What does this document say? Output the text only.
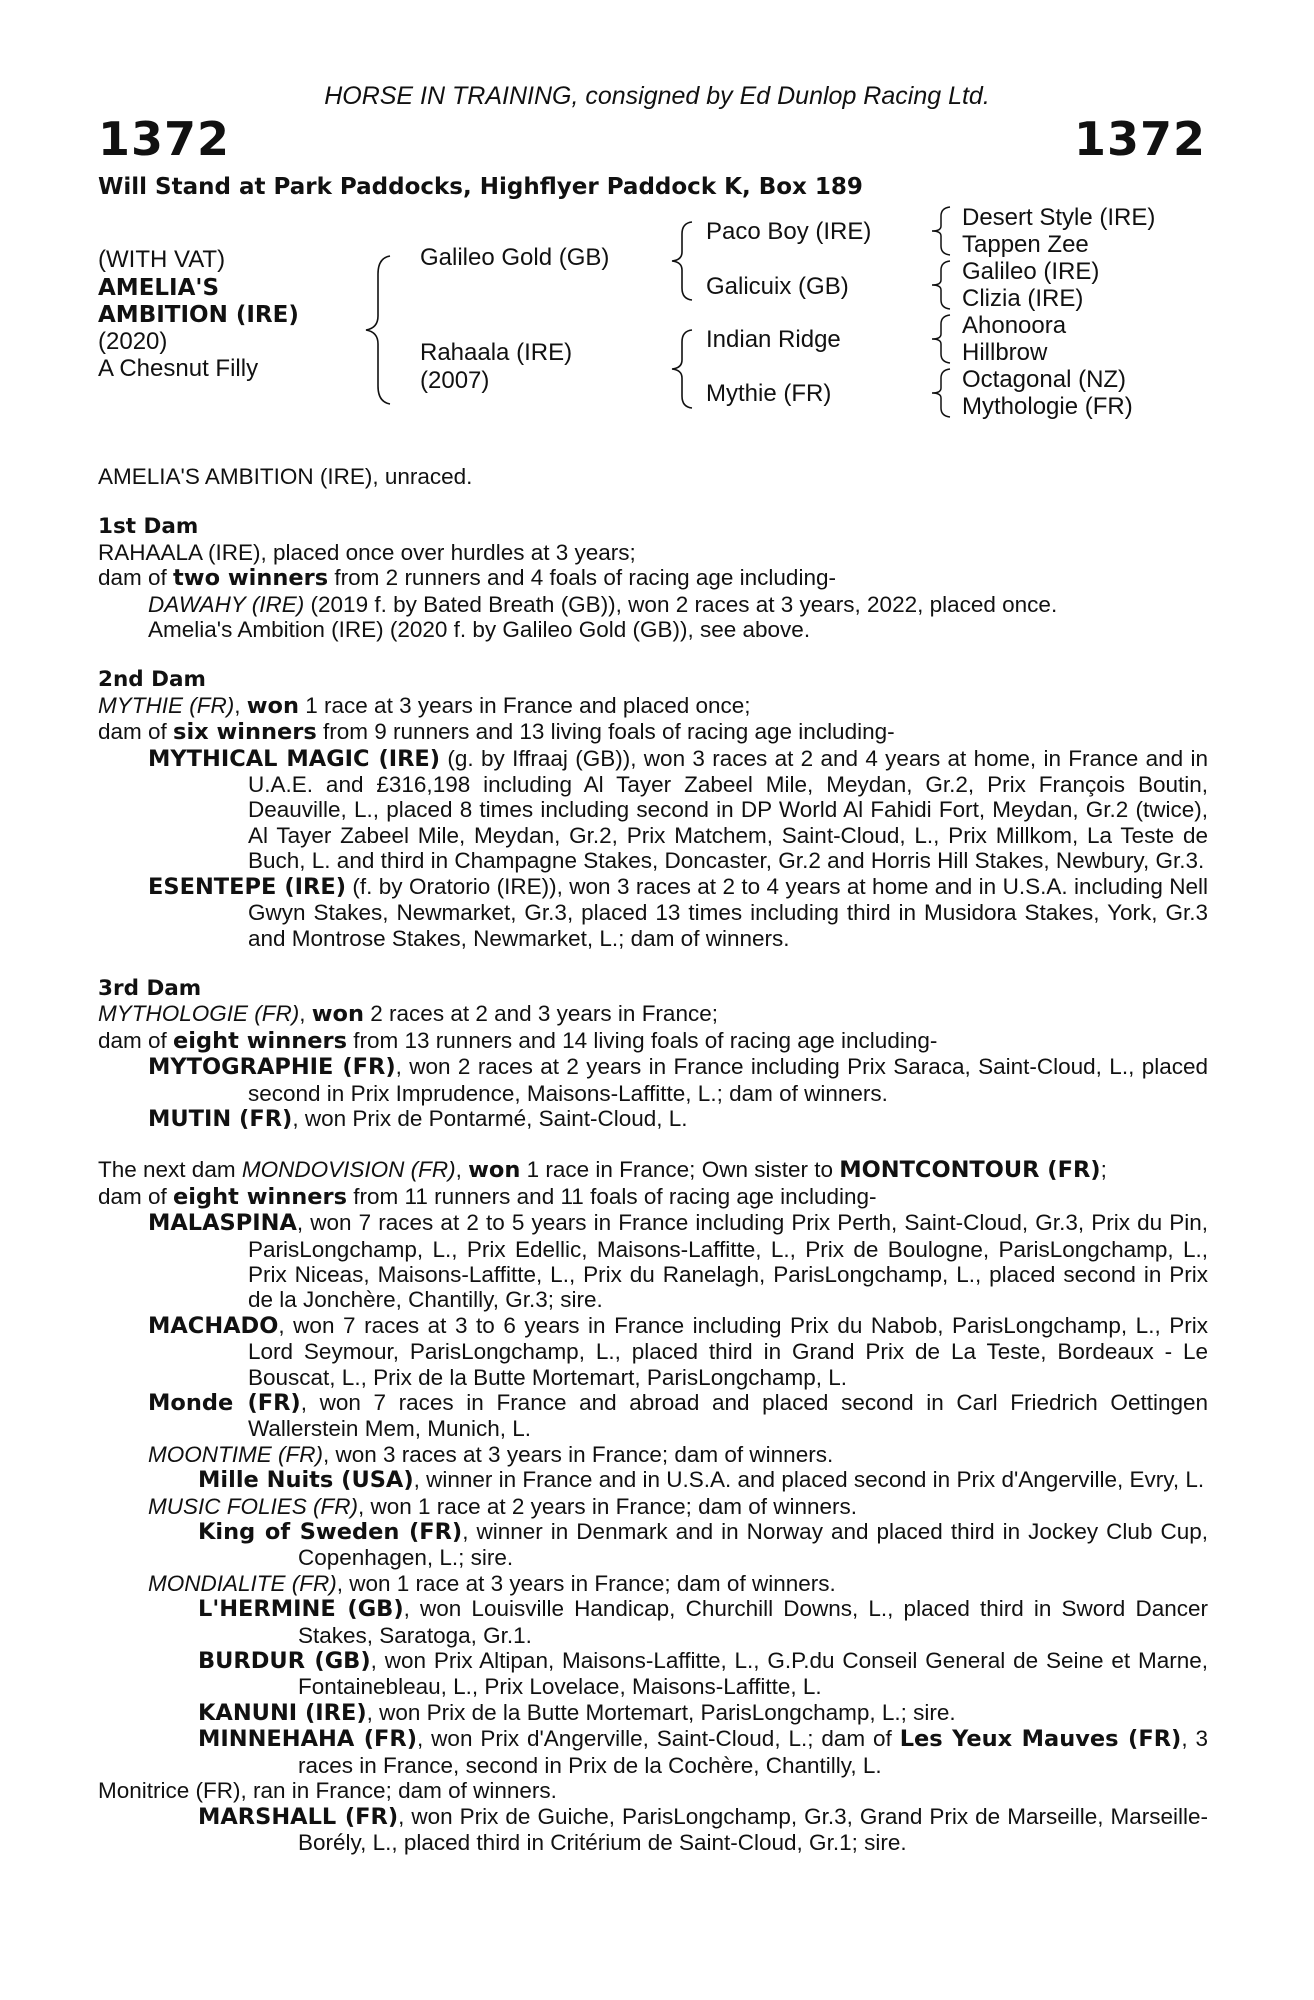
HORSE IN TRAINING, consigned by Ed Dunlop Racing Ltd.
1372	1372
Will Stand at Park Paddocks, Highflyer Paddock K, Box 189
(WITH VAT)
AMELIA'S
AMBITION (IRE)
(2020)
A Chesnut Filly
Galileo Gold (GB)
Rahaala (IRE)
(2007)
Paco Boy (IRE)
Galicuix (GB)
Indian Ridge
Mythie (FR)
Desert Style (IRE)
Tappen Zee
Galileo (IRE)
Clizia (IRE)
Ahonoora
Hillbrow
Octagonal (NZ)
Mythologie (FR)

AMELIA'S AMBITION (IRE), unraced.

1st Dam

RAHAALA (IRE), placed once over hurdles at 3 years;

dam of two winners from 2 runners and 4 foals of racing age including-

DAWAHY (IRE) (2019 f. by Bated Breath (GB)), won 2 races at 3 years, 2022, placed once.

Amelia's Ambition (IRE) (2020 f. by Galileo Gold (GB)), see above.

2nd Dam

MYTHIE (FR), won 1 race at 3 years in France and placed once;

dam of six winners from 9 runners and 13 living foals of racing age including-

MYTHICAL MAGIC (IRE) (g. by Iffraaj (GB)), won 3 races at 2 and 4 years at home, in France and in U.A.E. and £316,198 including Al Tayer Zabeel Mile, Meydan, Gr.2, Prix François Boutin, Deauville, L., placed 8 times including second in DP World Al Fahidi Fort, Meydan, Gr.2 (twice), Al Tayer Zabeel Mile, Meydan, Gr.2, Prix Matchem, Saint-Cloud, L., Prix Millkom, La Teste de Buch, L. and third in Champagne Stakes, Doncaster, Gr.2 and Horris Hill Stakes, Newbury, Gr.3.

ESENTEPE (IRE) (f. by Oratorio (IRE)), won 3 races at 2 to 4 years at home and in U.S.A. including Nell Gwyn Stakes, Newmarket, Gr.3, placed 13 times including third in Musidora Stakes, York, Gr.3 and Montrose Stakes, Newmarket, L.; dam of winners.

3rd Dam

MYTHOLOGIE (FR), won 2 races at 2 and 3 years in France;

dam of eight winners from 13 runners and 14 living foals of racing age including-

MYTOGRAPHIE (FR), won 2 races at 2 years in France including Prix Saraca, Saint-Cloud, L., placed second in Prix Imprudence, Maisons-Laffitte, L.; dam of winners.

MUTIN (FR), won Prix de Pontarmé, Saint-Cloud, L.

The next dam MONDOVISION (FR), won 1 race in France; Own sister to MONTCONTOUR (FR);

dam of eight winners from 11 runners and 11 foals of racing age including-

MALASPINA, won 7 races at 2 to 5 years in France including Prix Perth, Saint-Cloud, Gr.3, Prix du Pin, ParisLongchamp, L., Prix Edellic, Maisons-Laffitte, L., Prix de Boulogne, ParisLongchamp, L., Prix Niceas, Maisons-Laffitte, L., Prix du Ranelagh, ParisLongchamp, L., placed second in Prix de la Jonchère, Chantilly, Gr.3; sire.

MACHADO, won 7 races at 3 to 6 years in France including Prix du Nabob, ParisLongchamp, L., Prix Lord Seymour, ParisLongchamp, L., placed third in Grand Prix de La Teste, Bordeaux - Le Bouscat, L., Prix de la Butte Mortemart, ParisLongchamp, L.

Monde (FR), won 7 races in France and abroad and placed second in Carl Friedrich Oettingen Wallerstein Mem, Munich, L.

MOONTIME (FR), won 3 races at 3 years in France; dam of winners.

Mille Nuits (USA), winner in France and in U.S.A. and placed second in Prix d'Angerville, Evry, L.

MUSIC FOLIES (FR), won 1 race at 2 years in France; dam of winners.

King of Sweden (FR), winner in Denmark and in Norway and placed third in Jockey Club Cup, Copenhagen, L.; sire.

MONDIALITE (FR), won 1 race at 3 years in France; dam of winners.

L'HERMINE (GB), won Louisville Handicap, Churchill Downs, L., placed third in Sword Dancer Stakes, Saratoga, Gr.1.

BURDUR (GB), won Prix Altipan, Maisons-Laffitte, L., G.P.du Conseil General de Seine et Marne, Fontainebleau, L., Prix Lovelace, Maisons-Laffitte, L.

KANUNI (IRE), won Prix de la Butte Mortemart, ParisLongchamp, L.; sire.

MINNEHAHA (FR), won Prix d'Angerville, Saint-Cloud, L.; dam of Les Yeux Mauves (FR), 3 races in France, second in Prix de la Cochère, Chantilly, L.

Monitrice (FR), ran in France; dam of winners.

MARSHALL (FR), won Prix de Guiche, ParisLongchamp, Gr.3, Grand Prix de Marseille, Marseille-Borély, L., placed third in Critérium de Saint-Cloud, Gr.1; sire.
